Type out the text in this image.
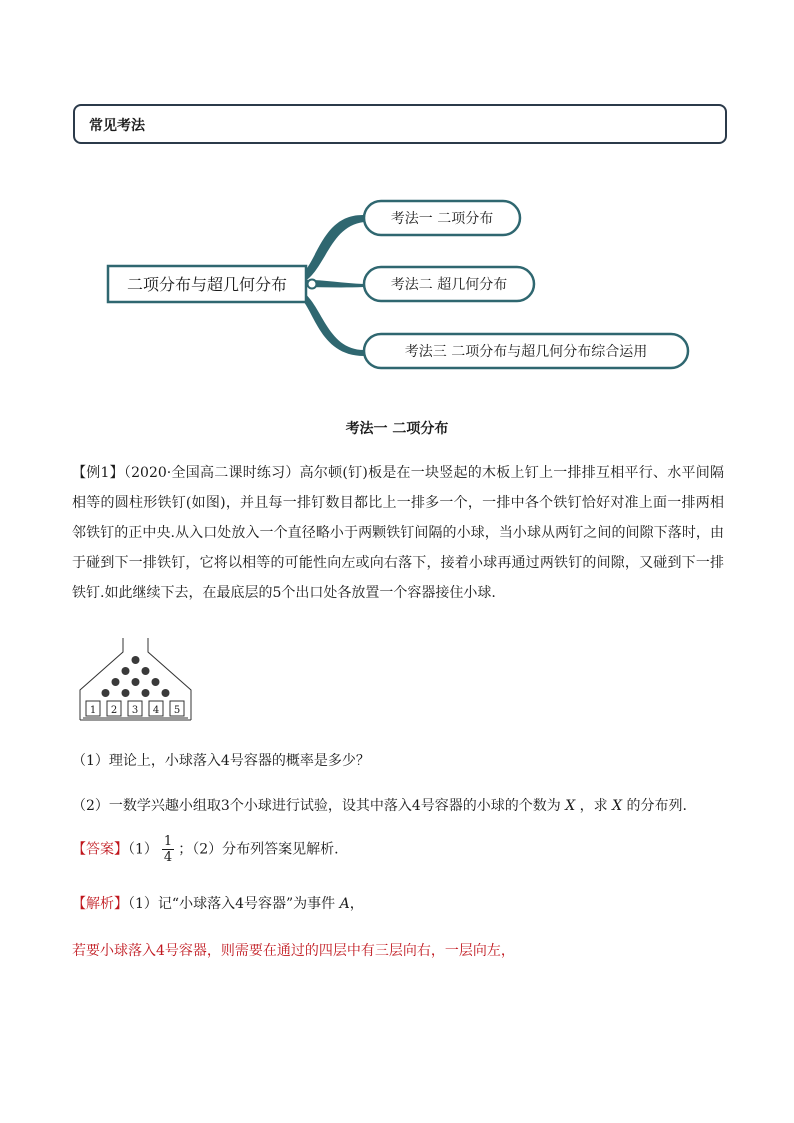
常见考法
二项分布与超几何分布
考法一 二项分布
考法二 超几何分布
考法三 二项分布与超几何分布综合运用
考法一 二项分布
【例1】（2020·全国高二课时练习）高尔顿(钉)板是在一块竖起的木板上钉上一排排互相平行、水平间隔相等的圆柱形铁钉(如图)，并且每一排钉数目都比上一排多一个，一排中各个铁钉恰好对准上面一排两相邻铁钉的正中央.从入口处放入一个直径略小于两颗铁钉间隔的小球，当小球从两钉之间的间隙下落时，由于碰到下一排铁钉，它将以相等的可能性向左或向右落下，接着小球再通过两铁钉的间隙，又碰到下一排铁钉.如此继续下去，在最底层的5个出口处各放置一个容器接住小球.
1 2 3 4 5
（1）理论上，小球落入4号容器的概率是多少？
（2）一数学兴趣小组取3个小球进行试验，设其中落入4号容器的小球的个数为 X ，求 X 的分布列.
【答案】$(1) \frac{1}{4}$ ；（2）分布列答案见解析.
【解析】（1）记“小球落入4号容器”为事件 A，
若要小球落入4号容器，则需要在通过的四层中有三层向右，一层向左，
